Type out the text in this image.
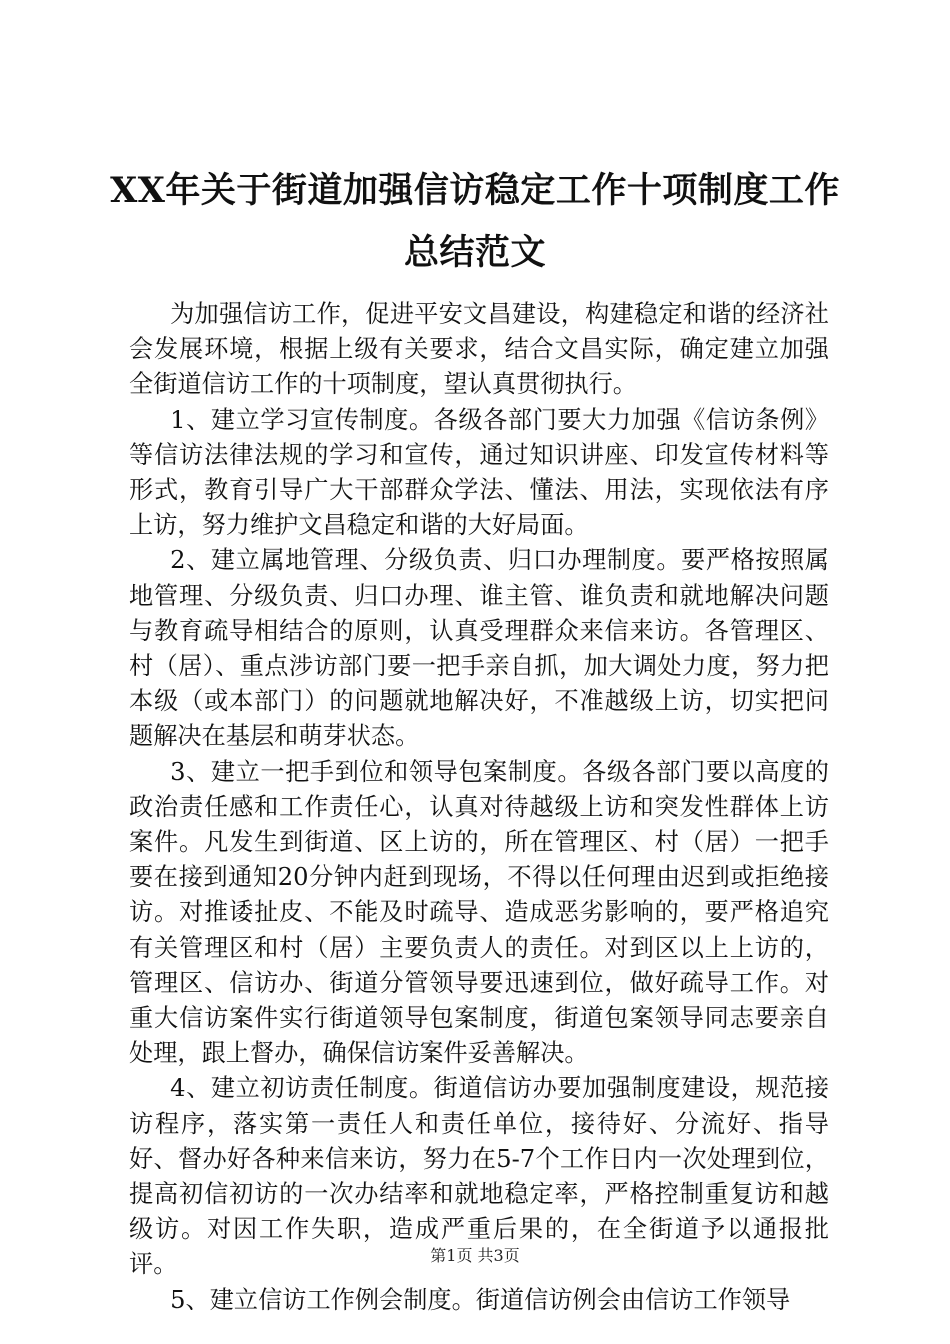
XX年关于街道加强信访稳定工作十项制度工作总结范文

为加强信访工作，促进平安文昌建设，构建稳定和谐的经济社会发展环境，根据上级有关要求，结合文昌实际，确定建立加强全街道信访工作的十项制度，望认真贯彻执行。

1、建立学习宣传制度。各级各部门要大力加强《信访条例》等信访法律法规的学习和宣传，通过知识讲座、印发宣传材料等形式，教育引导广大干部群众学法、懂法、用法，实现依法有序上访，努力维护文昌稳定和谐的大好局面。

2、建立属地管理、分级负责、归口办理制度。要严格按照属地管理、分级负责、归口办理、谁主管、谁负责和就地解决问题与教育疏导相结合的原则，认真受理群众来信来访。各管理区、村（居）、重点涉访部门要一把手亲自抓，加大调处力度，努力把本级（或本部门）的问题就地解决好，不准越级上访，切实把问题解决在基层和萌芽状态。

3、建立一把手到位和领导包案制度。各级各部门要以高度的政治责任感和工作责任心，认真对待越级上访和突发性群体上访案件。凡发生到街道、区上访的，所在管理区、村（居）一把手要在接到通知20分钟内赶到现场，不得以任何理由迟到或拒绝接访。对推诿扯皮、不能及时疏导、造成恶劣影响的，要严格追究有关管理区和村（居）主要负责人的责任。对到区以上上访的，管理区、信访办、街道分管领导要迅速到位，做好疏导工作。对重大信访案件实行街道领导包案制度，街道包案领导同志要亲自处理，跟上督办，确保信访案件妥善解决。

4、建立初访责任制度。街道信访办要加强制度建设，规范接访程序，落实第一责任人和责任单位，接待好、分流好、指导好、督办好各种来信来访，努力在5-7个工作日内一次处理到位，提高初信初访的一次办结率和就地稳定率，严格控制重复访和越级访。对因工作失职，造成严重后果的，在全街道予以通报批评。

5、建立信访工作例会制度。街道信访例会由信访工作领导

第1页 共3页
